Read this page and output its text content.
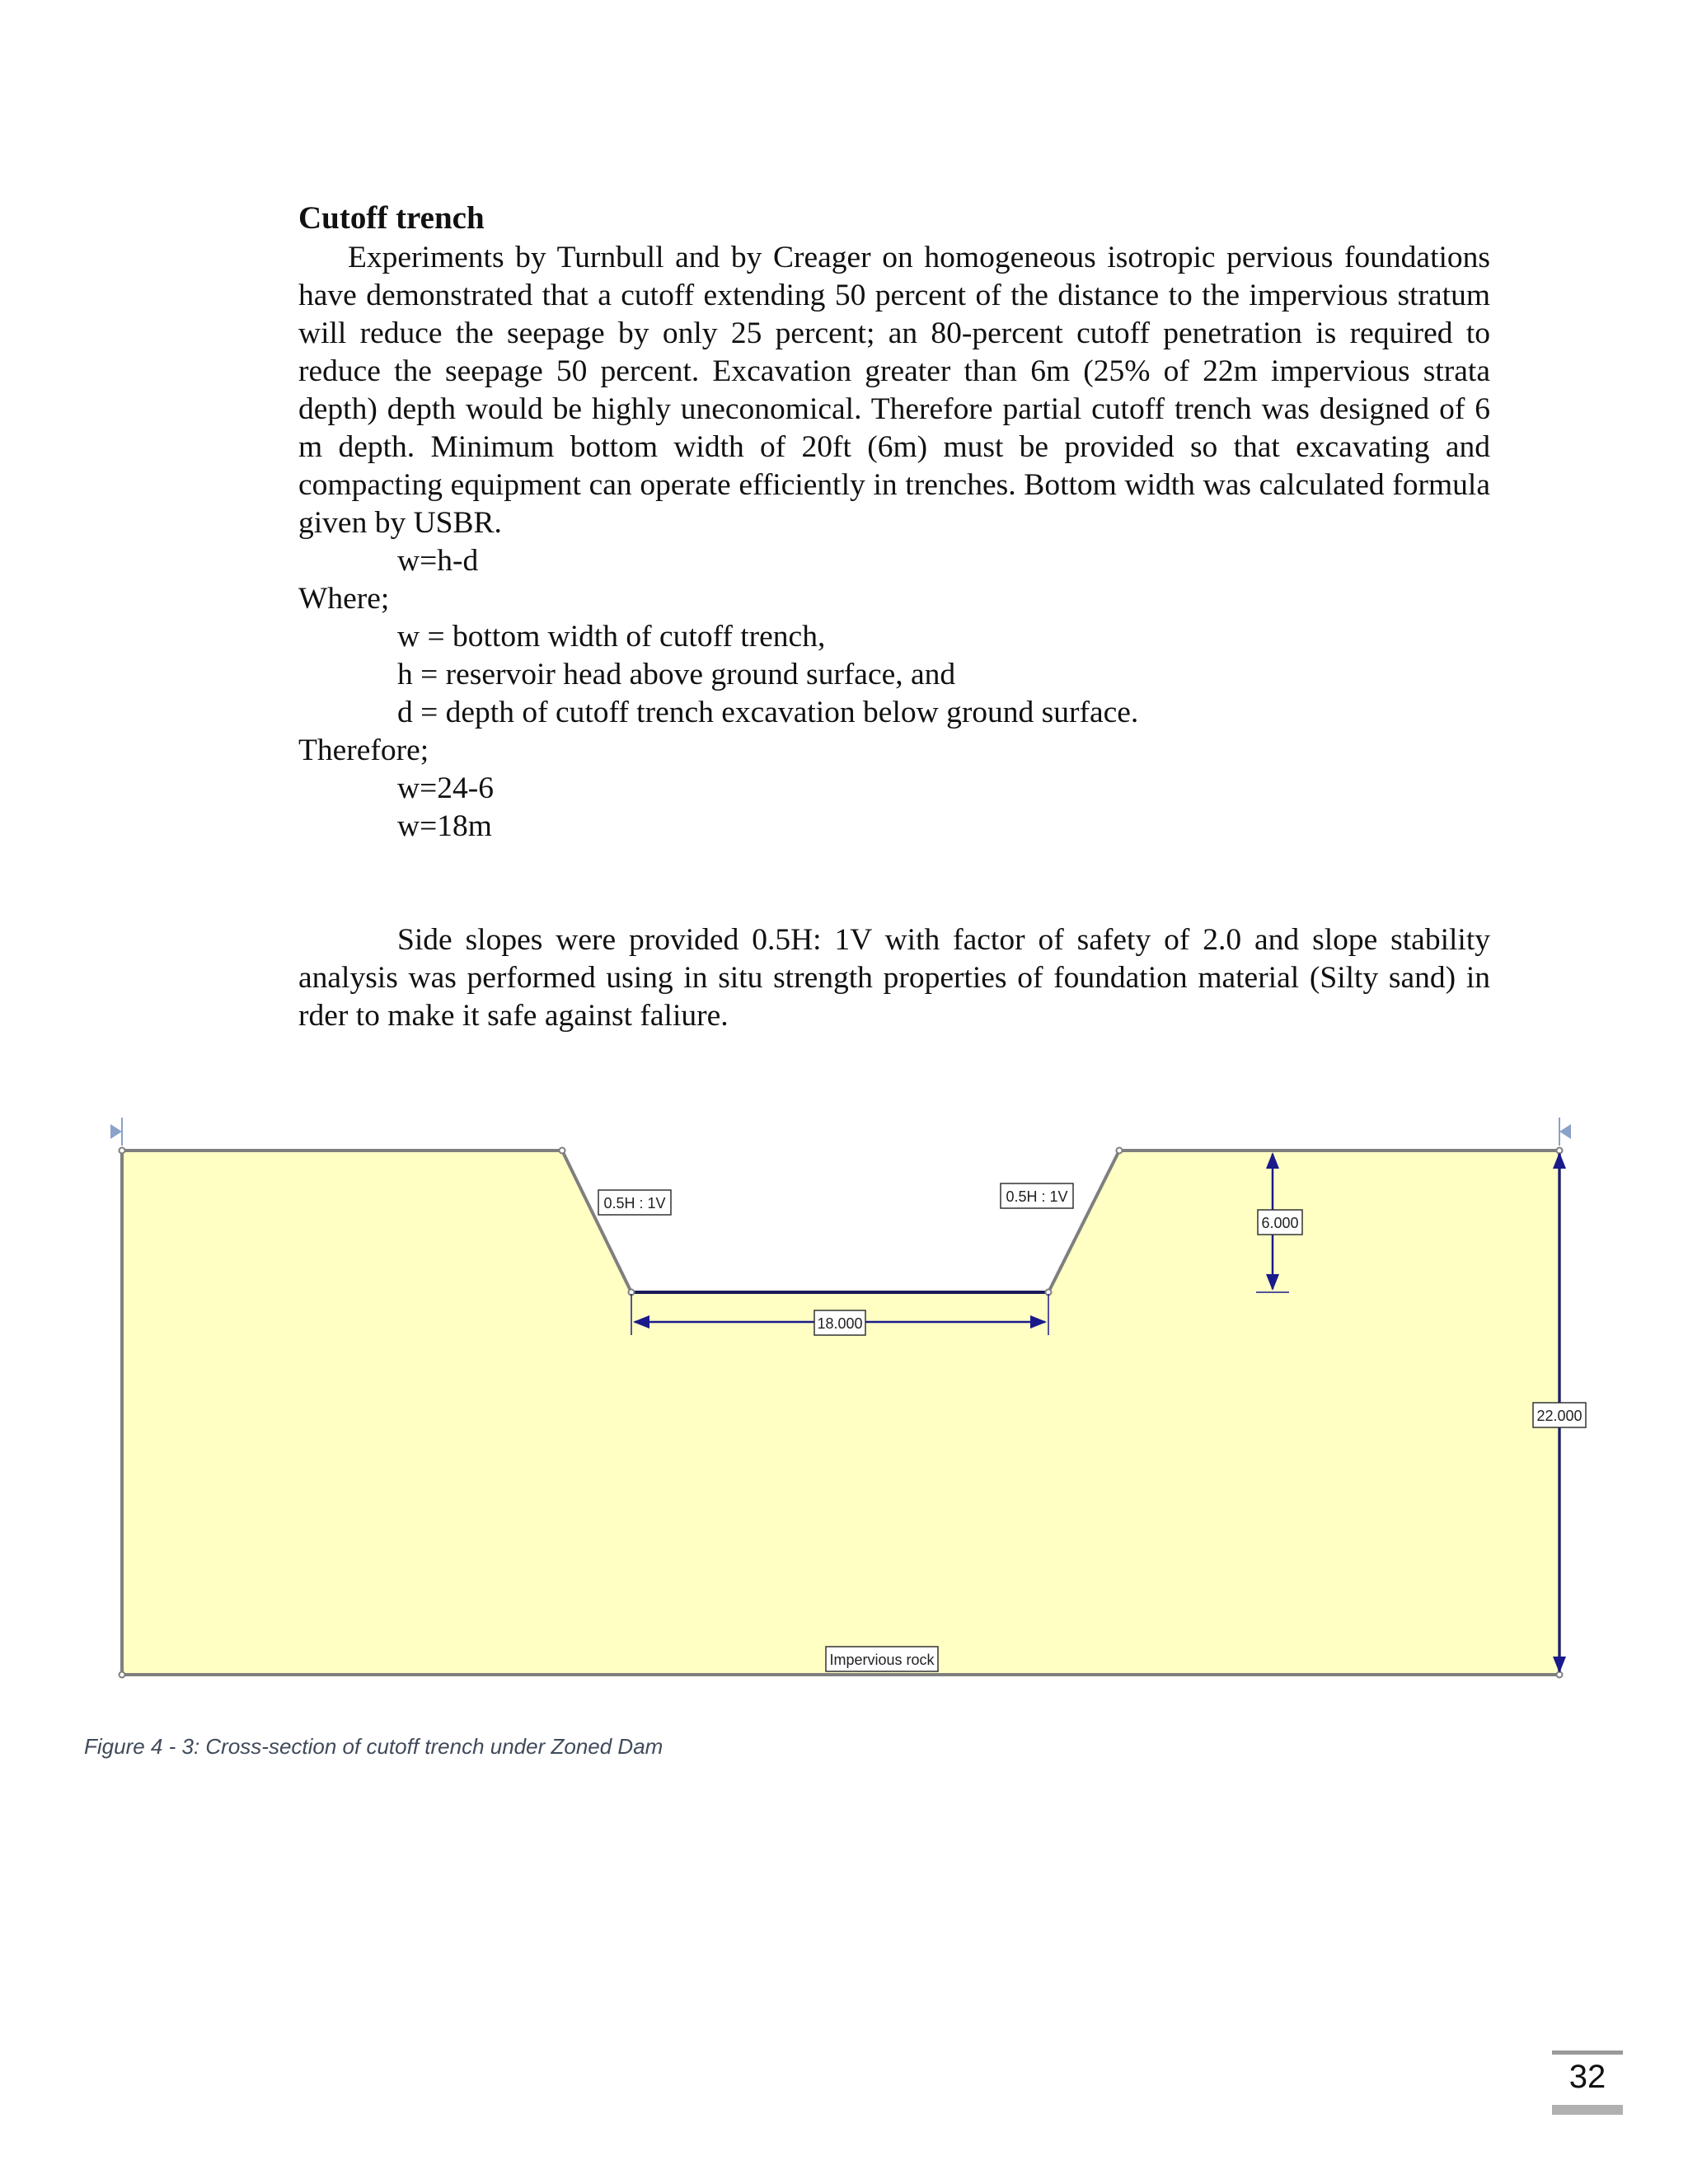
Cutoff trench

Experiments by Turnbull and by Creager on homogeneous isotropic pervious foundations have demonstrated that a cutoff extending 50 percent of the distance to the impervious stratum will reduce the seepage by only 25 percent; an 80-percent cutoff penetration is required to reduce the seepage 50 percent. Excavation greater than 6m (25% of 22m impervious strata depth) depth would be highly uneconomical. Therefore partial cutoff trench was designed of 6 m depth. Minimum bottom width of 20ft (6m) must be provided so that excavating and compacting equipment can operate efficiently in trenches. Bottom width was calculated formula given by USBR.

w=h-d

Where;

w = bottom width of cutoff trench,

h = reservoir head above ground surface, and

d = depth of cutoff trench excavation below ground surface.

Therefore;

w=24-6

w=18m

Side slopes were provided 0.5H: 1V with factor of safety of 2.0 and slope stability analysis was performed using in situ strength properties of foundation material (Silty sand) in rder to make it safe against faliure.

0.5H : 1V	0.5H : 1V
18.000
6.000
22.000
Impervious rock
Figure 4 - 3: Cross-section of cutoff trench under Zoned Dam
32
